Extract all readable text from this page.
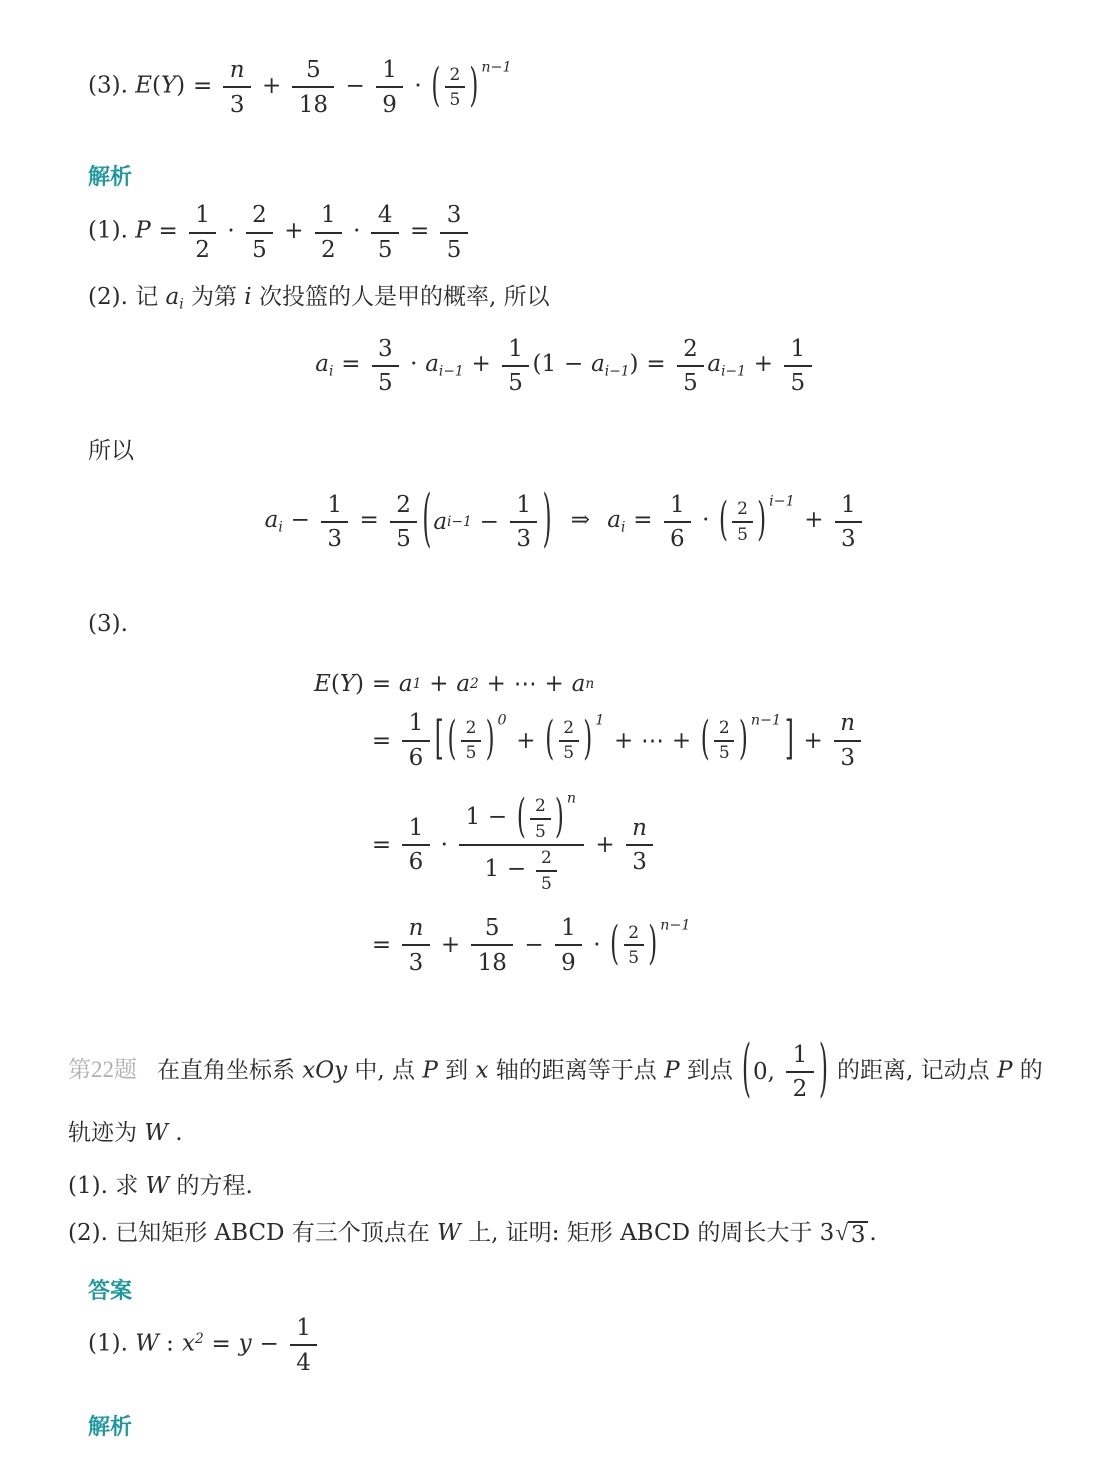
(3). $E(Y) = \frac{n}{3} + \frac{5}{18} - \frac{1}{9}$ · ( $\frac{2}{5}$ ) n−1
解析
(1). $P = \frac{1}{2} \cdot \frac{2}{5} + \frac{1}{2} \cdot \frac{4}{5} = \frac{3}{5}$
(2). 记 ai 为第 i 次投篮的人是甲的概率, 所以
ai = $\frac{3}{5} \cdot ai-1 + \frac{1}{5} (1 - ai-1) = \frac{2}{5} ai-1 + \frac{1}{5}$
所以
ai − $\frac{1}{3} = \frac{2}{5}$ ( a $i-1 - \frac{1}{3}$ ) ⇒ ai = $\frac{1}{6}$ · ( $\frac{2}{5}$ ) i−1
+ $\frac{1}{3}$
(3).
E ( Y ) = a 1 + a 2 + ⋯ + a n
= $\frac{1}{6}$ [ ( $\frac{2}{5}$ ) 0
+ ( $\frac{2}{5}$ ) 1
+ ⋯ + ( $\frac{2}{5}$ ) n−1 ] + $\frac{n}{3}$
= $\frac{1}{6} \cdot \frac{1 - ( \frac{2}{5} ) n}{1 - \frac{2}{5}} + \frac{n}{3}$
= $\frac{n}{3} + \frac{5}{18} - \frac{1}{9}$ · ( $\frac{2}{5}$ ) n−1
第22题 在直角坐标系 xOy 中, 点 P 到 x 轴的距离等于点 P 到点 ( 0,
$\frac{1}{2}$ ) 的距离, 记动点 P 的
轨迹为 W .
(1). 求 W 的方程.
(2). 已知矩形 ABCD 有三个顶点在 W 上, 证明: 矩形 ABCD 的周长大于 3 √ 3 .
答案
(1). W : $x^2 = y - \frac{1}{4}$
解析
